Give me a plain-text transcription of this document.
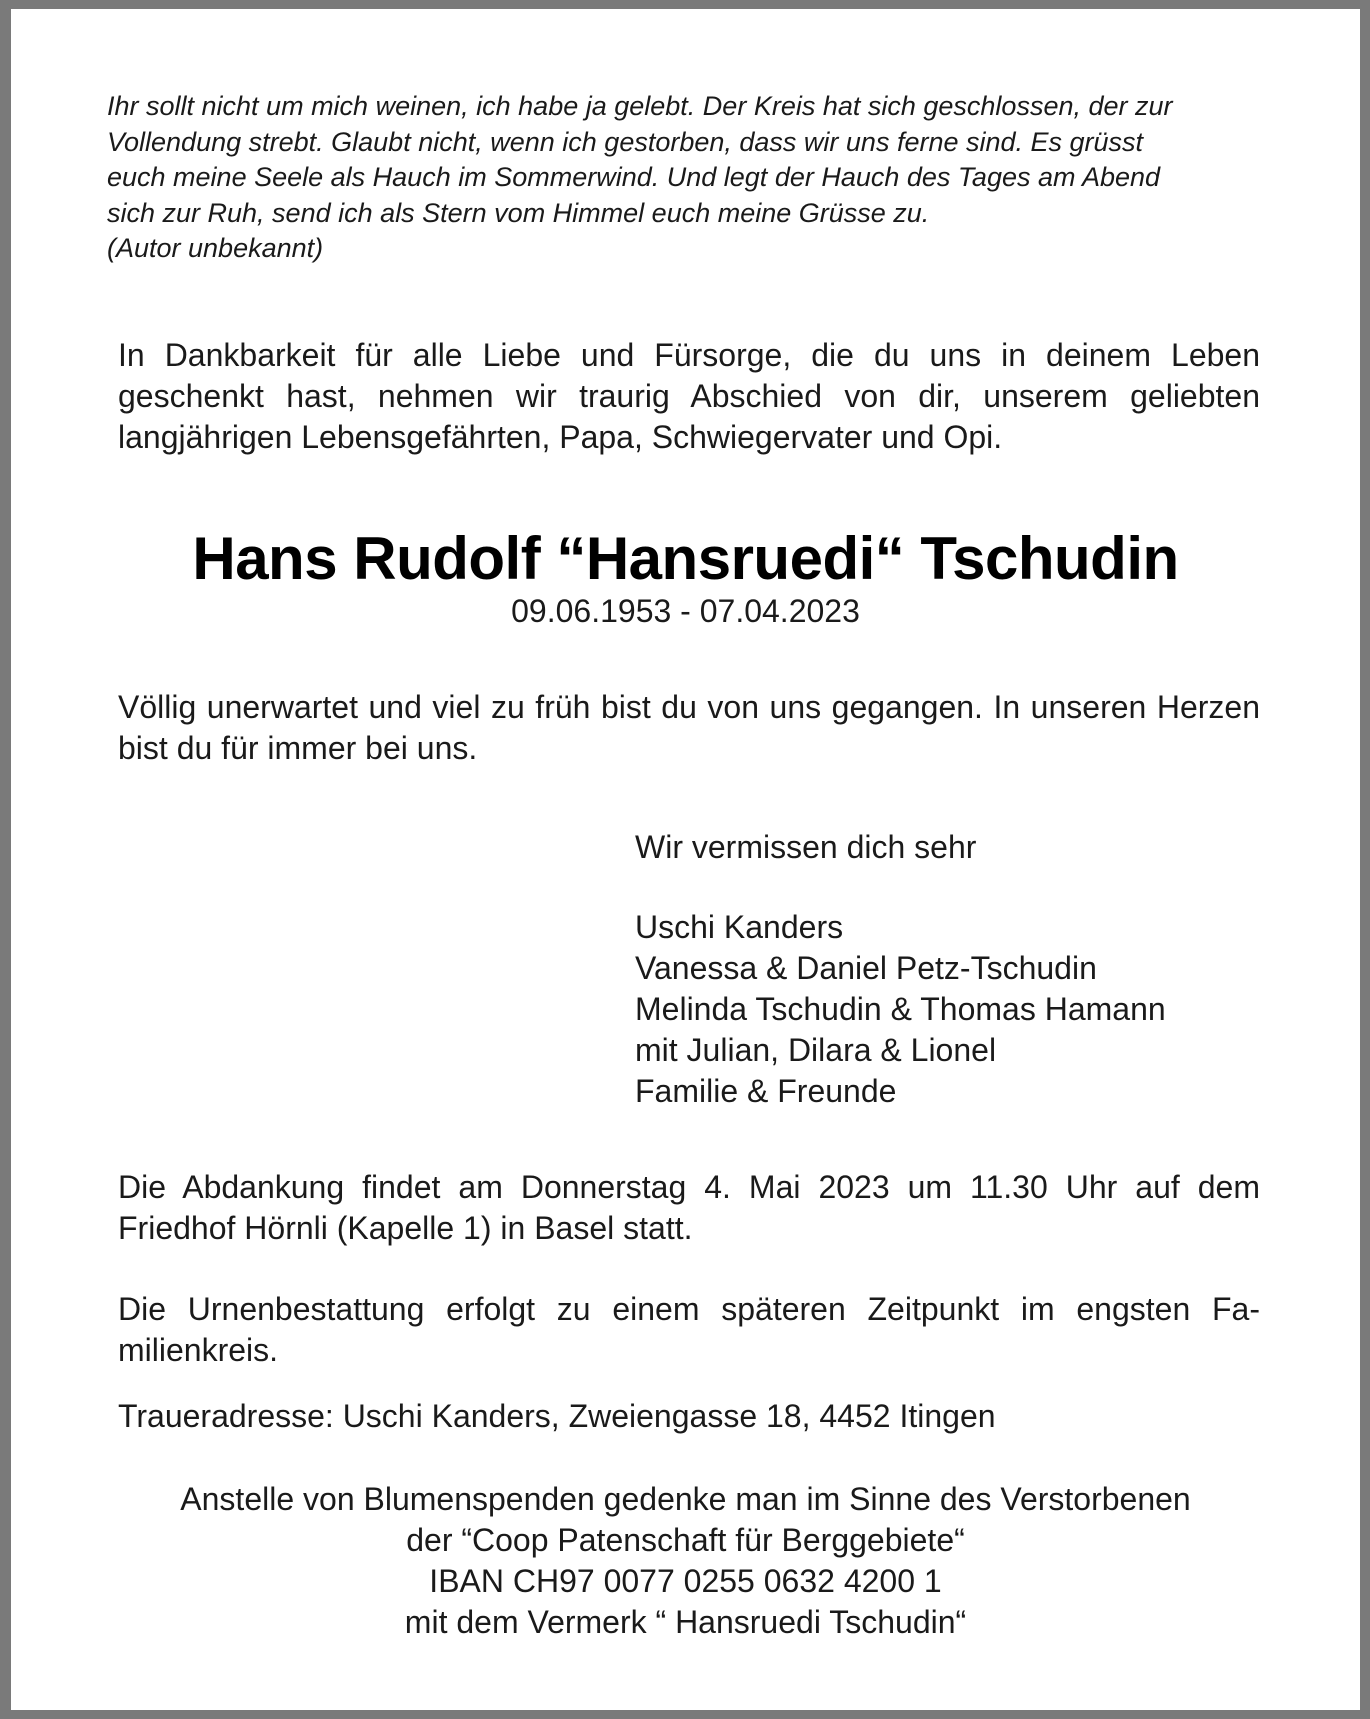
Ihr sollt nicht um mich weinen, ich habe ja gelebt. Der Kreis hat sich geschlossen, der zur
Vollendung strebt. Glaubt nicht, wenn ich gestorben, dass wir uns ferne sind. Es grüsst
euch meine Seele als Hauch im Sommerwind. Und legt der Hauch des Tages am Abend
sich zur Ruh, send ich als Stern vom Himmel euch meine Grüsse zu.
(Autor unbekannt)
In Dankbarkeit für alle Liebe und Fürsorge, die du uns in deinem Leben geschenkt hast, nehmen wir traurig Abschied von dir, unserem geliebten langjährigen Lebensgefährten, Papa, Schwiegervater und Opi.
Hans Rudolf “Hansruedi“ Tschudin
09.06.1953 - 07.04.2023
Völlig unerwartet und viel zu früh bist du von uns gegangen. In unseren Herzen bist du für immer bei uns.
Wir vermissen dich sehr
Uschi Kanders
Vanessa & Daniel Petz-Tschudin
Melinda Tschudin & Thomas Hamann
mit Julian, Dilara & Lionel
Familie & Freunde
Die Abdankung findet am Donnerstag 4. Mai 2023 um 11.30 Uhr auf dem Friedhof Hörnli (Kapelle 1) in Basel statt.
Die Urnenbestattung erfolgt zu einem späteren Zeitpunkt im engsten Fa-milienkreis.
Traueradresse: Uschi Kanders, Zweiengasse 18, 4452 Itingen
Anstelle von Blumenspenden gedenke man im Sinne des Verstorbenen
der “Coop Patenschaft für Berggebiete“
IBAN CH97 0077 0255 0632 4200 1
mit dem Vermerk “ Hansruedi Tschudin“
